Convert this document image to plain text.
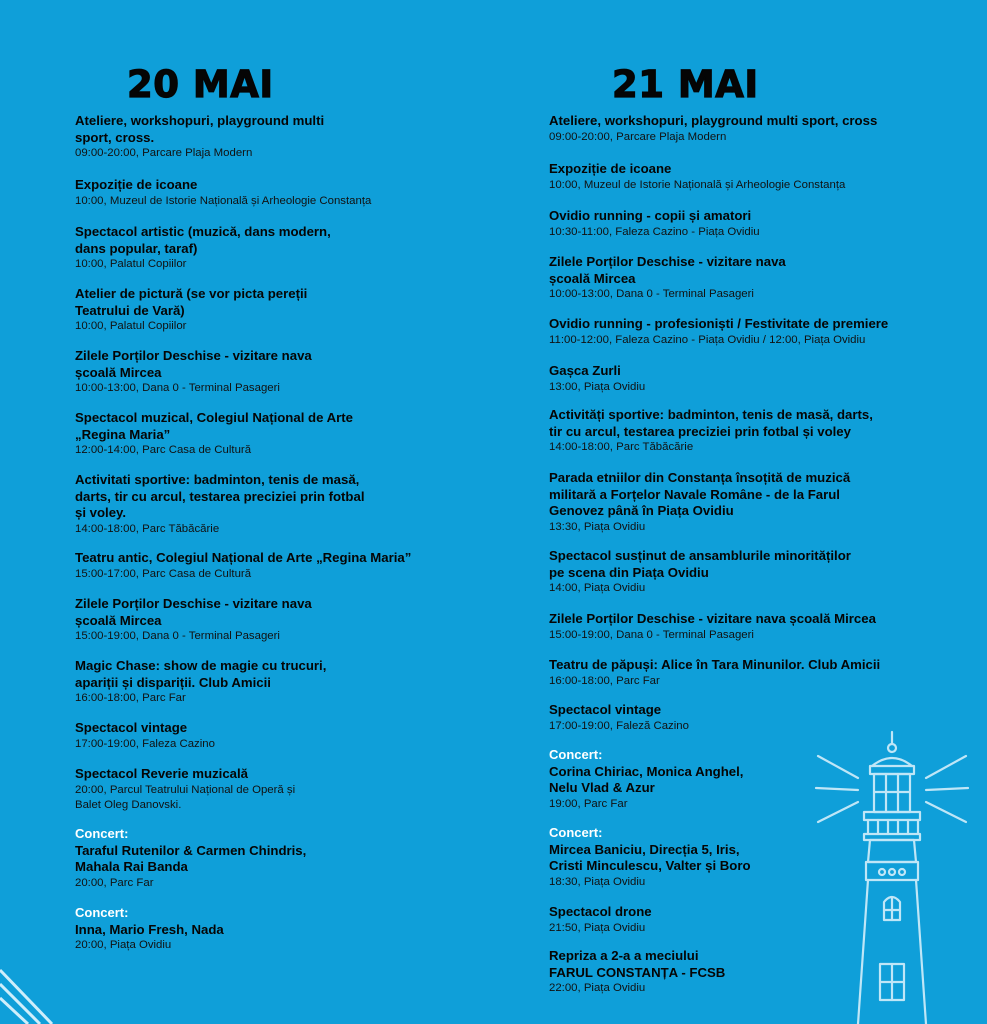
20 MAI
Ateliere, workshopuri, playground multi
sport, cross.
09:00-20:00, Parcare Plaja Modern
Expoziție de icoane
10:00, Muzeul de Istorie Națională și Arheologie Constanța
Spectacol artistic (muzică, dans modern,
dans popular, taraf)
10:00, Palatul Copiilor
Atelier de pictură (se vor picta pereții
Teatrului de Vară)
10:00, Palatul Copiilor
Zilele Porților Deschise - vizitare nava
școală Mircea
10:00-13:00, Dana 0 - Terminal Pasageri
Spectacol muzical, Colegiul Național de Arte
„Regina Maria”
12:00-14:00, Parc Casa de Cultură
Activitati sportive: badminton, tenis de masă,
darts, tir cu arcul, testarea preciziei prin fotbal
și voley.
14:00-18:00, Parc Tăbăcărie
Teatru antic, Colegiul Național de Arte „Regina Maria”
15:00-17:00, Parc Casa de Cultură
Zilele Porților Deschise - vizitare nava
școală Mircea
15:00-19:00, Dana 0 - Terminal Pasageri
Magic Chase: show de magie cu trucuri,
apariții și dispariții. Club Amicii
16:00-18:00, Parc Far
Spectacol vintage
17:00-19:00, Faleza Cazino
Spectacol Reverie muzicală
20:00, Parcul Teatrului Național de Operă și
Balet Oleg Danovski.
Concert:
Taraful Rutenilor & Carmen Chindris,
Mahala Rai Banda
20:00, Parc Far
Concert:
Inna, Mario Fresh, Nada
20:00, Piața Ovidiu
21 MAI
Ateliere, workshopuri, playground multi sport, cross
09:00-20:00, Parcare Plaja Modern
Expoziție de icoane
10:00, Muzeul de Istorie Națională și Arheologie Constanța
Ovidio running - copii și amatori
10:30-11:00, Faleza Cazino - Piața Ovidiu
Zilele Porților Deschise - vizitare nava
școală Mircea
10:00-13:00, Dana 0 - Terminal Pasageri
Ovidio running - profesioniști / Festivitate de premiere
11:00-12:00, Faleza Cazino - Piața Ovidiu / 12:00, Piața Ovidiu
Gașca Zurli
13:00, Piața Ovidiu
Activități sportive: badminton, tenis de masă, darts,
tir cu arcul, testarea preciziei prin fotbal și voley
14:00-18:00, Parc Tăbăcărie
Parada etniilor din Constanța însoțită de muzică
militară a Forțelor Navale Române - de la Farul
Genovez până în Piața Ovidiu
13:30, Piața Ovidiu
Spectacol susținut de ansamblurile minorităților
pe scena din Piața Ovidiu
14:00, Piața Ovidiu
Zilele Porților Deschise - vizitare nava școală Mircea
15:00-19:00, Dana 0 - Terminal Pasageri
Teatru de păpuși: Alice în Tara Minunilor. Club Amicii
16:00-18:00, Parc Far
Spectacol vintage
17:00-19:00, Faleză Cazino
Concert:
Corina Chiriac, Monica Anghel,
Nelu Vlad & Azur
19:00, Parc Far
Concert:
Mircea Baniciu, Direcția 5, Iris,
Cristi Minculescu, Valter și Boro
18:30, Piața Ovidiu
Spectacol drone
21:50, Piața Ovidiu
Repriza a 2-a a meciului
FARUL CONSTANȚA - FCSB
22:00, Piața Ovidiu
